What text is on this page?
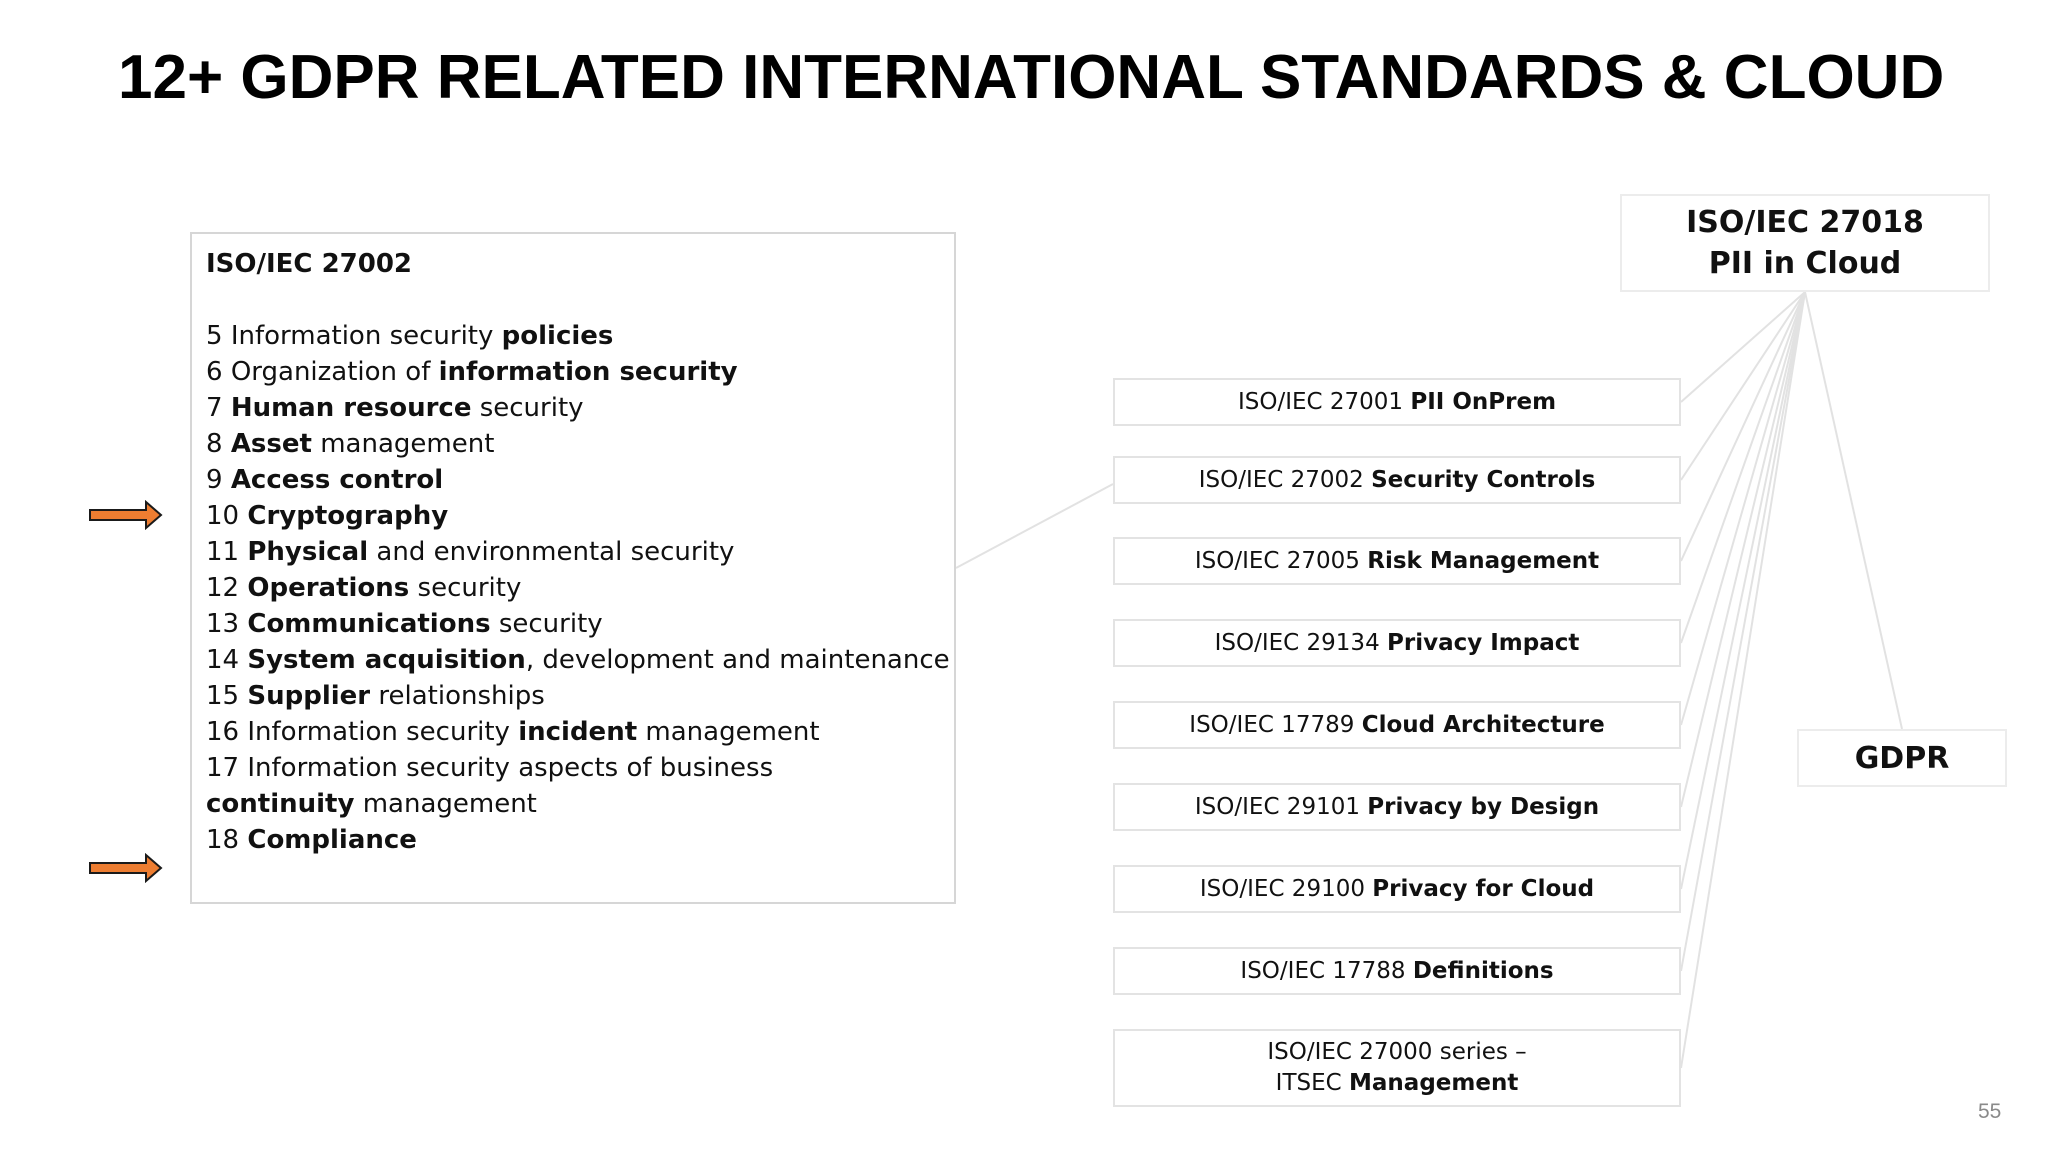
12+ GDPR RELATED INTERNATIONAL STANDARDS & CLOUD
ISO/IEC 27002
5 Information security policies
6 Organization of information security
7 Human resource security
8 Asset management
9 Access control
10 Cryptography
11 Physical and environmental security
12 Operations security
13 Communications security
14 System acquisition, development and maintenance
15 Supplier relationships
16 Information security incident management
17 Information security aspects of business continuity management
18 Compliance
ISO/IEC 27001 PII OnPrem
ISO/IEC 27002 Security Controls
ISO/IEC 27005 Risk Management
ISO/IEC 29134 Privacy Impact
ISO/IEC 17789 Cloud Architecture
ISO/IEC 29101 Privacy by Design
ISO/IEC 29100 Privacy for Cloud
ISO/IEC 17788 Definitions
ISO/IEC 27000 series –
ITSEC Management
ISO/IEC 27018
PII in Cloud
GDPR
55
